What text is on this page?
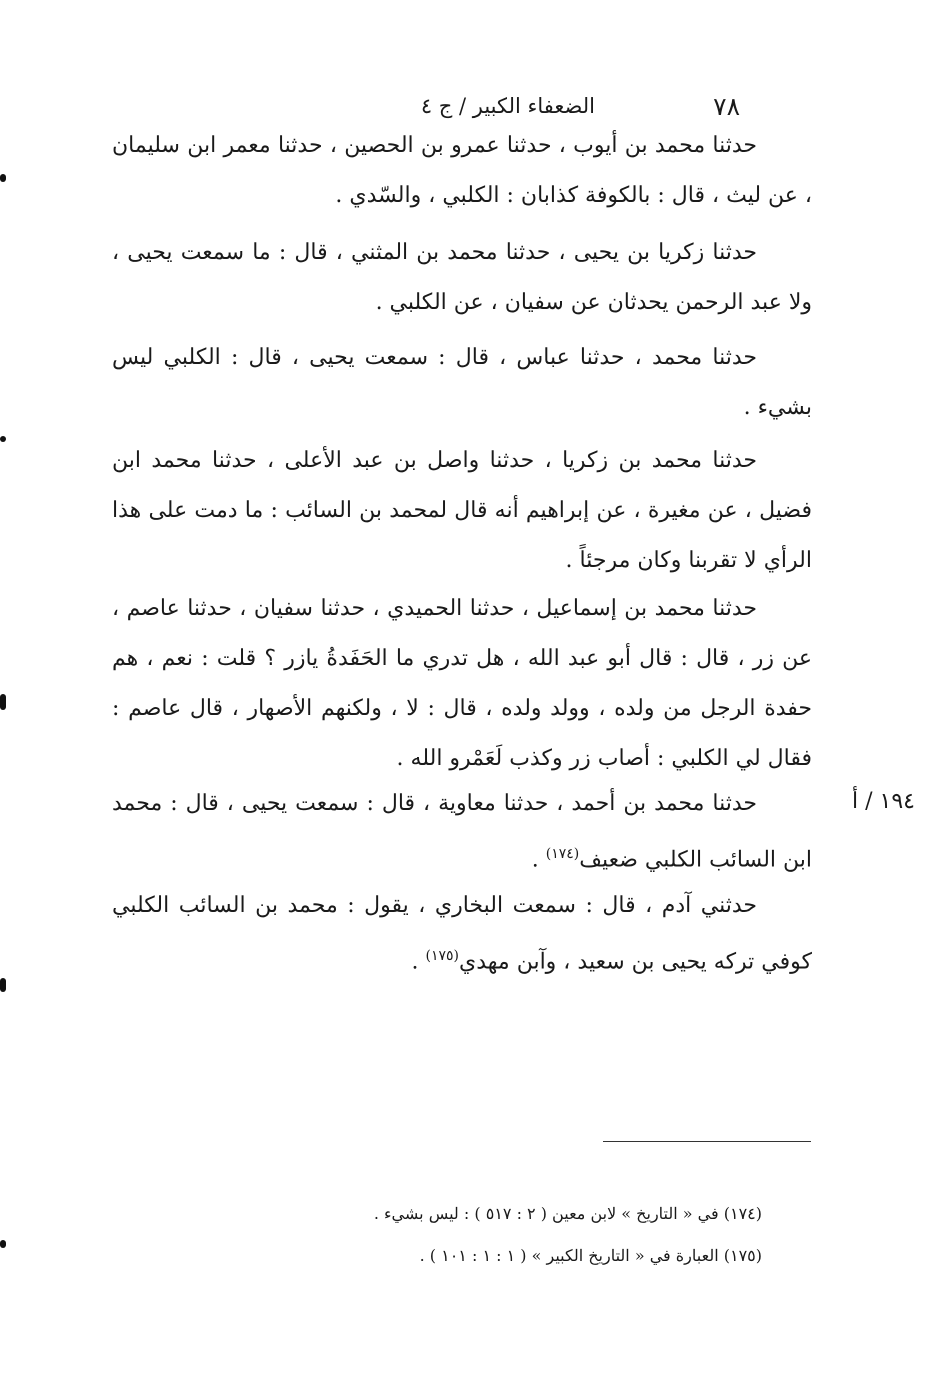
٧٨
الضعفاء الكبير / ج ٤

حدثنا محمد بن أيوب ، حدثنا عمرو بن الحصين ، حدثنا معمر ابن سليمان ، عن ليث ، قال : بالكوفة كذابان : الكلبي ، والسّدي .

حدثنا زكريا بن يحيى ، حدثنا محمد بن المثني ، قال : ما سمعت يحيى ، ولا عبد الرحمن يحدثان عن سفيان ، عن الكلبي .

حدثنا محمد ، حدثنا عباس ، قال : سمعت يحيى ، قال : الكلبي ليس بشيء .

حدثنا محمد بن زكريا ، حدثنا واصل بن عبد الأعلى ، حدثنا محمد ابن فضيل ، عن مغيرة ، عن إبراهيم أنه قال لمحمد بن السائب : ما دمت على هذا الرأي لا تقربنا وكان مرجئاً .

حدثنا محمد بن إسماعيل ، حدثنا الحميدي ، حدثنا سفيان ، حدثنا عاصم ، عن زر ، قال : قال أبو عبد الله ، هل تدري ما الحَفَدةُ يازر ؟ قلت : نعم ، هم حفدة الرجل من ولده ، وولد ولده ، قال : لا ، ولكنهم الأصهار ، قال عاصم : فقال لي الكلبي : أصاب زر وكذب لَعَمْرو الله .

١٩٤ / أ

حدثنا محمد بن أحمد ، حدثنا معاوية ، قال : سمعت يحيى ، قال : محمد ابن السائب الكلبي ضعيف$^{(١٧٤)}$ .

حدثني آدم ، قال : سمعت البخاري ، يقول : محمد بن السائب الكلبي كوفي تركه يحيى بن سعيد ، وآبن مهدي$^{(١٧٥)}$ .

(١٧٤) في « التاريخ » لابن معين ( ٢ : ٥١٧ ) : ليس بشيء .
(١٧٥) العبارة في « التاريخ الكبير » ( ١ : ١ : ١٠١ ) .
